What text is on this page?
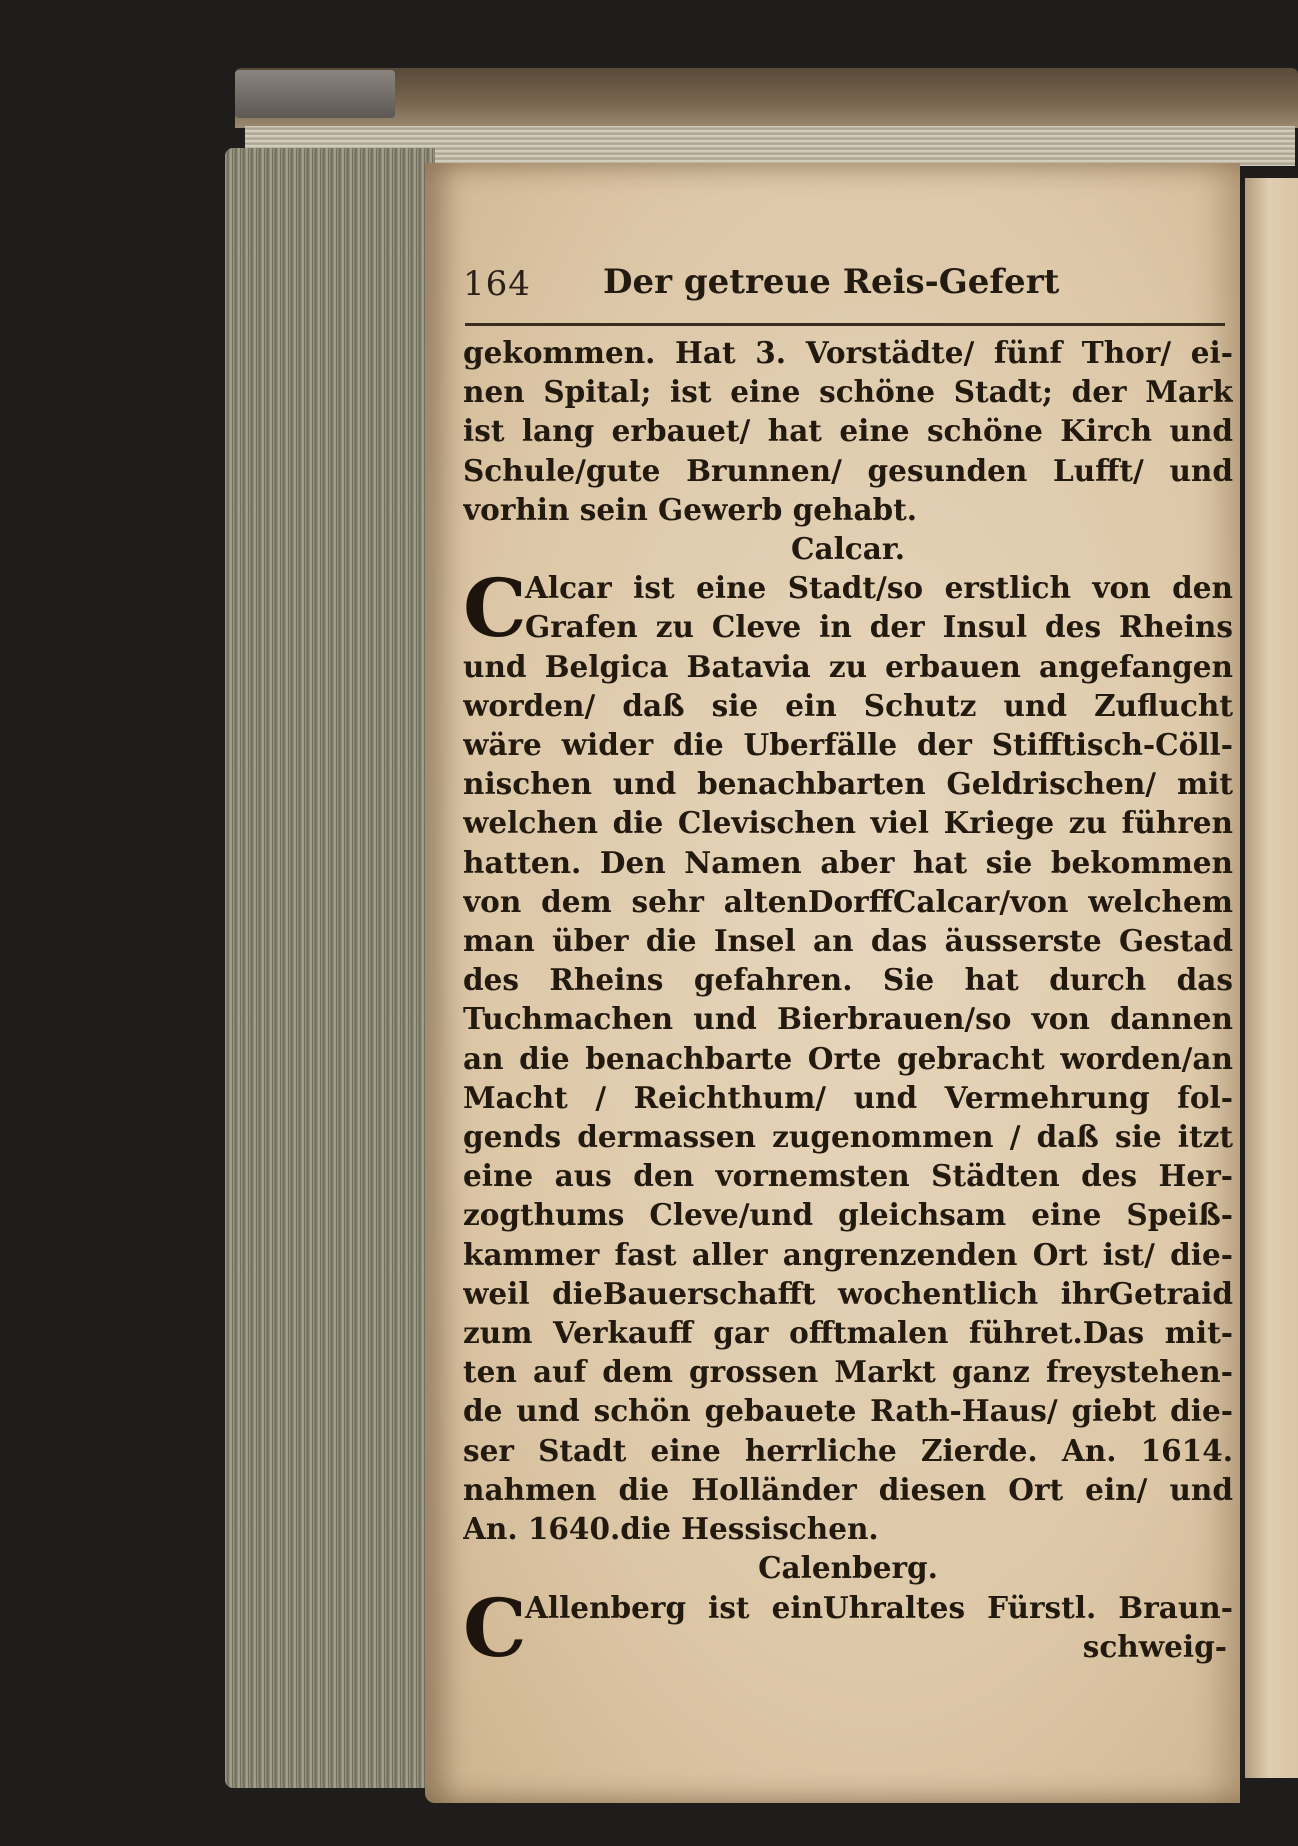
164 Der getreue Reis-Gefert
gekommen. Hat 3. Vorstädte/ fünf Thor/ ei-
nen Spital; ist eine schöne Stadt; der Mark
ist lang erbauet/ hat eine schöne Kirch und
Schule/gute Brunnen/ gesunden Lufft/ und
vorhin sein Gewerb gehabt.
Calcar.
C
Alcar ist eine Stadt/so erstlich von den
Grafen zu Cleve in der Insul des Rheins
und Belgica Batavia zu erbauen angefangen
worden/ daß sie ein Schutz und Zuflucht
wäre wider die Uberfälle der Stifftisch-Cöll-
nischen und benachbarten Geldrischen/ mit
welchen die Clevischen viel Kriege zu führen
hatten. Den Namen aber hat sie bekommen
von dem sehr altenDorffCalcar/von welchem
man über die Insel an das äusserste Gestad
des Rheins gefahren. Sie hat durch das
Tuchmachen und Bierbrauen/so von dannen
an die benachbarte Orte gebracht worden/an
Macht / Reichthum/ und Vermehrung fol-
gends dermassen zugenommen / daß sie itzt
eine aus den vornemsten Städten des Her-
zogthums Cleve/und gleichsam eine Speiß-
kammer fast aller angrenzenden Ort ist/ die-
weil dieBauerschafft wochentlich ihrGetraid
zum Verkauff gar offtmalen führet.Das mit-
ten auf dem grossen Markt ganz freystehen-
de und schön gebauete Rath-Haus/ giebt die-
ser Stadt eine herrliche Zierde. An. 1614.
nahmen die Holländer diesen Ort ein/ und
An. 1640.die Hessischen.
Calenberg.
C
Allenberg ist einUhraltes Fürstl. Braun-
schweig-
